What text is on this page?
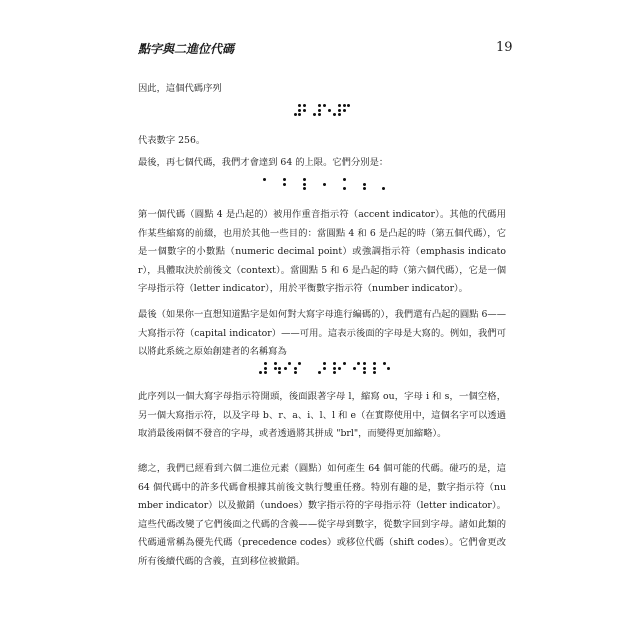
點字與二進位代碼	19

因此，這個代碼序列

代表數字 256。

最後，再七個代碼，我們才會達到 64 的上限。它們分別是：

第一個代碼（圓點 4 是凸起的）被用作重音指示符（accent indicator）。其他的代碼用作某些縮寫的前綴，也用於其他一些目的：當圓點 4 和 6 是凸起的時（第五個代碼），它是一個數字的小數點（numeric decimal point）或強調指示符（emphasis indicator），具體取決於前後文（context）。當圓點 5 和 6 是凸起的時（第六個代碼），它是一個字母指示符（letter indicator），用於平衡數字指示符（number indicator）。

最後（如果你一直想知道點字是如何對大寫字母進行編碼的），我們還有凸起的圓點 6——大寫指示符（capital indicator）——可用。這表示後面的字母是大寫的。例如，我們可以將此系統之原始創建者的名稱寫為

此序列以一個大寫字母指示符開頭，後面跟著字母 l，縮寫 ou，字母 i 和 s，一個空格，另一個大寫指示符，以及字母 b、r、a、i、l、l 和 e（在實際使用中，這個名字可以透過取消最後兩個不發音的字母，或者透過將其拼成 "brl"，而變得更加縮略）。

總之，我們已經看到六個二進位元素（圓點）如何產生 64 個可能的代碼。碰巧的是，這 64 個代碼中的許多代碼會根據其前後文執行雙重任務。特別有趣的是，數字指示符（number indicator）以及撤銷（undoes）數字指示符的字母指示符（letter indicator）。這些代碼改變了它們後面之代碼的含義——從字母到數字，從數字回到字母。諸如此類的代碼通常稱為優先代碼（precedence codes）或移位代碼（shift codes）。它們會更改所有後續代碼的含義，直到移位被撤銷。
